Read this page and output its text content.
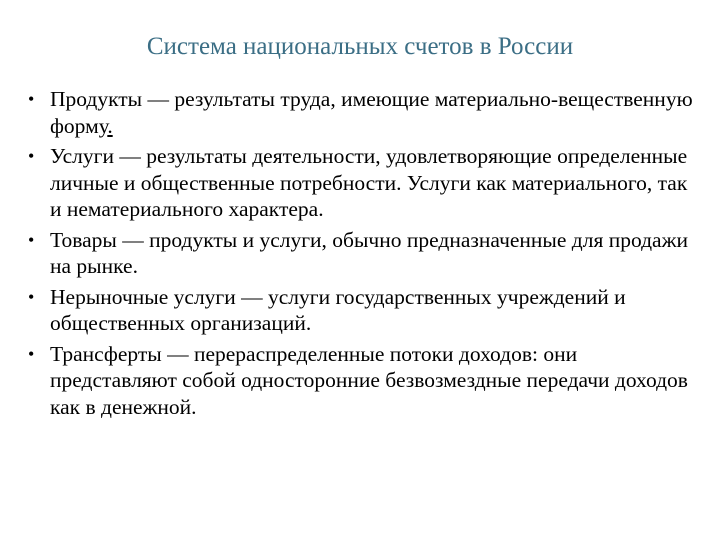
Система национальных счетов в России
• Продукты — результаты труда, имеющие материально-вещественную форму.
• Услуги — результаты деятельности, удовлетворяющие определенные личные и общественные потребности. Услуги как материального, так и нематериального характера.
• Товары — продукты и услуги, обычно предназначенные для продажи на рынке.
• Нерыночные услуги — услуги государственных учреждений и общественных организаций.
• Трансферты — перераспределенные потоки доходов: они представляют собой односторонние безвозмездные передачи доходов как в денежной.
